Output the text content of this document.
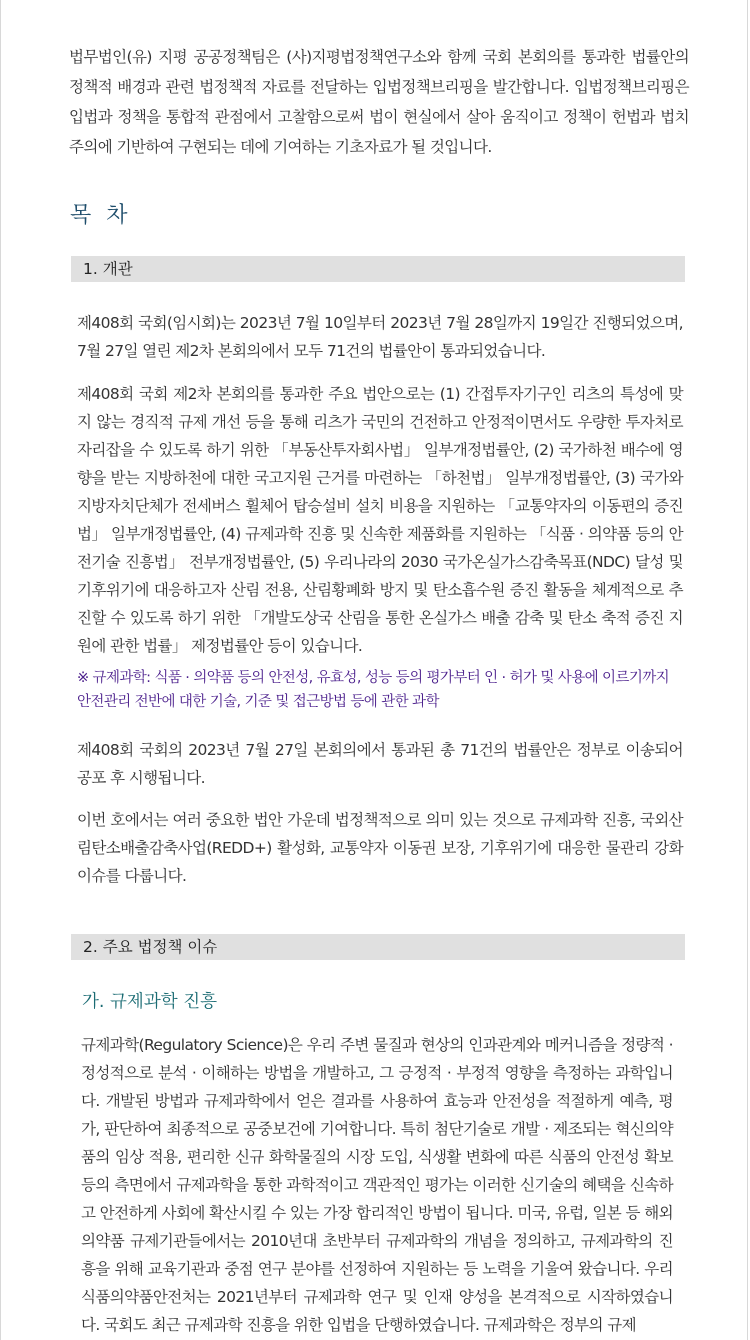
법무법인(유) 지평 공공정책팀은 (사)지평법정책연구소와 함께 국회 본회의를 통과한 법률안의 정책적 배경과 관련 법정책적 자료를 전달하는 입법정책브리핑을 발간합니다. 입법정책브리핑은 입법과 정책을 통합적 관점에서 고찰함으로써 법이 현실에서 살아 움직이고 정책이 헌법과 법치주의에 기반하여 구현되는 데에 기여하는 기초자료가 될 것입니다.

목 차
1. 개관

제408회 국회(임시회)는 2023년 7월 10일부터 2023년 7월 28일까지 19일간 진행되었으며, 7월 27일 열린 제2차 본회의에서 모두 71건의 법률안이 통과되었습니다.

제408회 국회 제2차 본회의를 통과한 주요 법안으로는 (1) 간접투자기구인 리츠의 특성에 맞지 않는 경직적 규제 개선 등을 통해 리츠가 국민의 건전하고 안정적이면서도 우량한 투자처로 자리잡을 수 있도록 하기 위한 「부동산투자회사법」 일부개정법률안, (2) 국가하천 배수에 영향을 받는 지방하천에 대한 국고지원 근거를 마련하는 「하천법」 일부개정법률안, (3) 국가와 지방자치단체가 전세버스 휠체어 탑승설비 설치 비용을 지원하는 「교통약자의 이동편의 증진법」 일부개정법률안, (4) 규제과학 진흥 및 신속한 제품화를 지원하는 「식품 · 의약품 등의 안전기술 진흥법」 전부개정법률안, (5) 우리나라의 2030 국가온실가스감축목표(NDC) 달성 및 기후위기에 대응하고자 산림 전용, 산림황폐화 방지 및 탄소흡수원 증진 활동을 체계적으로 추진할 수 있도록 하기 위한 「개발도상국 산림을 통한 온실가스 배출 감축 및 탄소 축적 증진 지원에 관한 법률」 제정법률안 등이 있습니다.

※ 규제과학: 식품 · 의약품 등의 안전성, 유효성, 성능 등의 평가부터 인 · 허가 및 사용에 이르기까지 안전관리 전반에 대한 기술, 기준 및 접근방법 등에 관한 과학

제408회 국회의 2023년 7월 27일 본회의에서 통과된 총 71건의 법률안은 정부로 이송되어 공포 후 시행됩니다.

이번 호에서는 여러 중요한 법안 가운데 법정책적으로 의미 있는 것으로 규제과학 진흥, 국외산림탄소배출감축사업(REDD+) 활성화, 교통약자 이동권 보장, 기후위기에 대응한 물관리 강화 이슈를 다룹니다.

2. 주요 법정책 이슈
가. 규제과학 진흥

규제과학(Regulatory Science)은 우리 주변 물질과 현상의 인과관계와 메커니즘을 정량적 · 정성적으로 분석 · 이해하는 방법을 개발하고, 그 긍정적 · 부정적 영향을 측정하는 과학입니다. 개발된 방법과 규제과학에서 얻은 결과를 사용하여 효능과 안전성을 적절하게 예측, 평가, 판단하여 최종적으로 공중보건에 기여합니다. 특히 첨단기술로 개발 · 제조되는 혁신의약품의 임상 적용, 편리한 신규 화학물질의 시장 도입, 식생활 변화에 따른 식품의 안전성 확보 등의 측면에서 규제과학을 통한 과학적이고 객관적인 평가는 이러한 신기술의 혜택을 신속하고 안전하게 사회에 확산시킬 수 있는 가장 합리적인 방법이 됩니다. 미국, 유럽, 일본 등 해외 의약품 규제기관들에서는 2010년대 초반부터 규제과학의 개념을 정의하고, 규제과학의 진흥을 위해 교육기관과 중점 연구 분야를 선정하여 지원하는 등 노력을 기울여 왔습니다. 우리 식품의약품안전처는 2021년부터 규제과학 연구 및 인재 양성을 본격적으로 시작하였습니다. 국회도 최근 규제과학 진흥을 위한 입법을 단행하였습니다. 규제과학은 정부의 규제
